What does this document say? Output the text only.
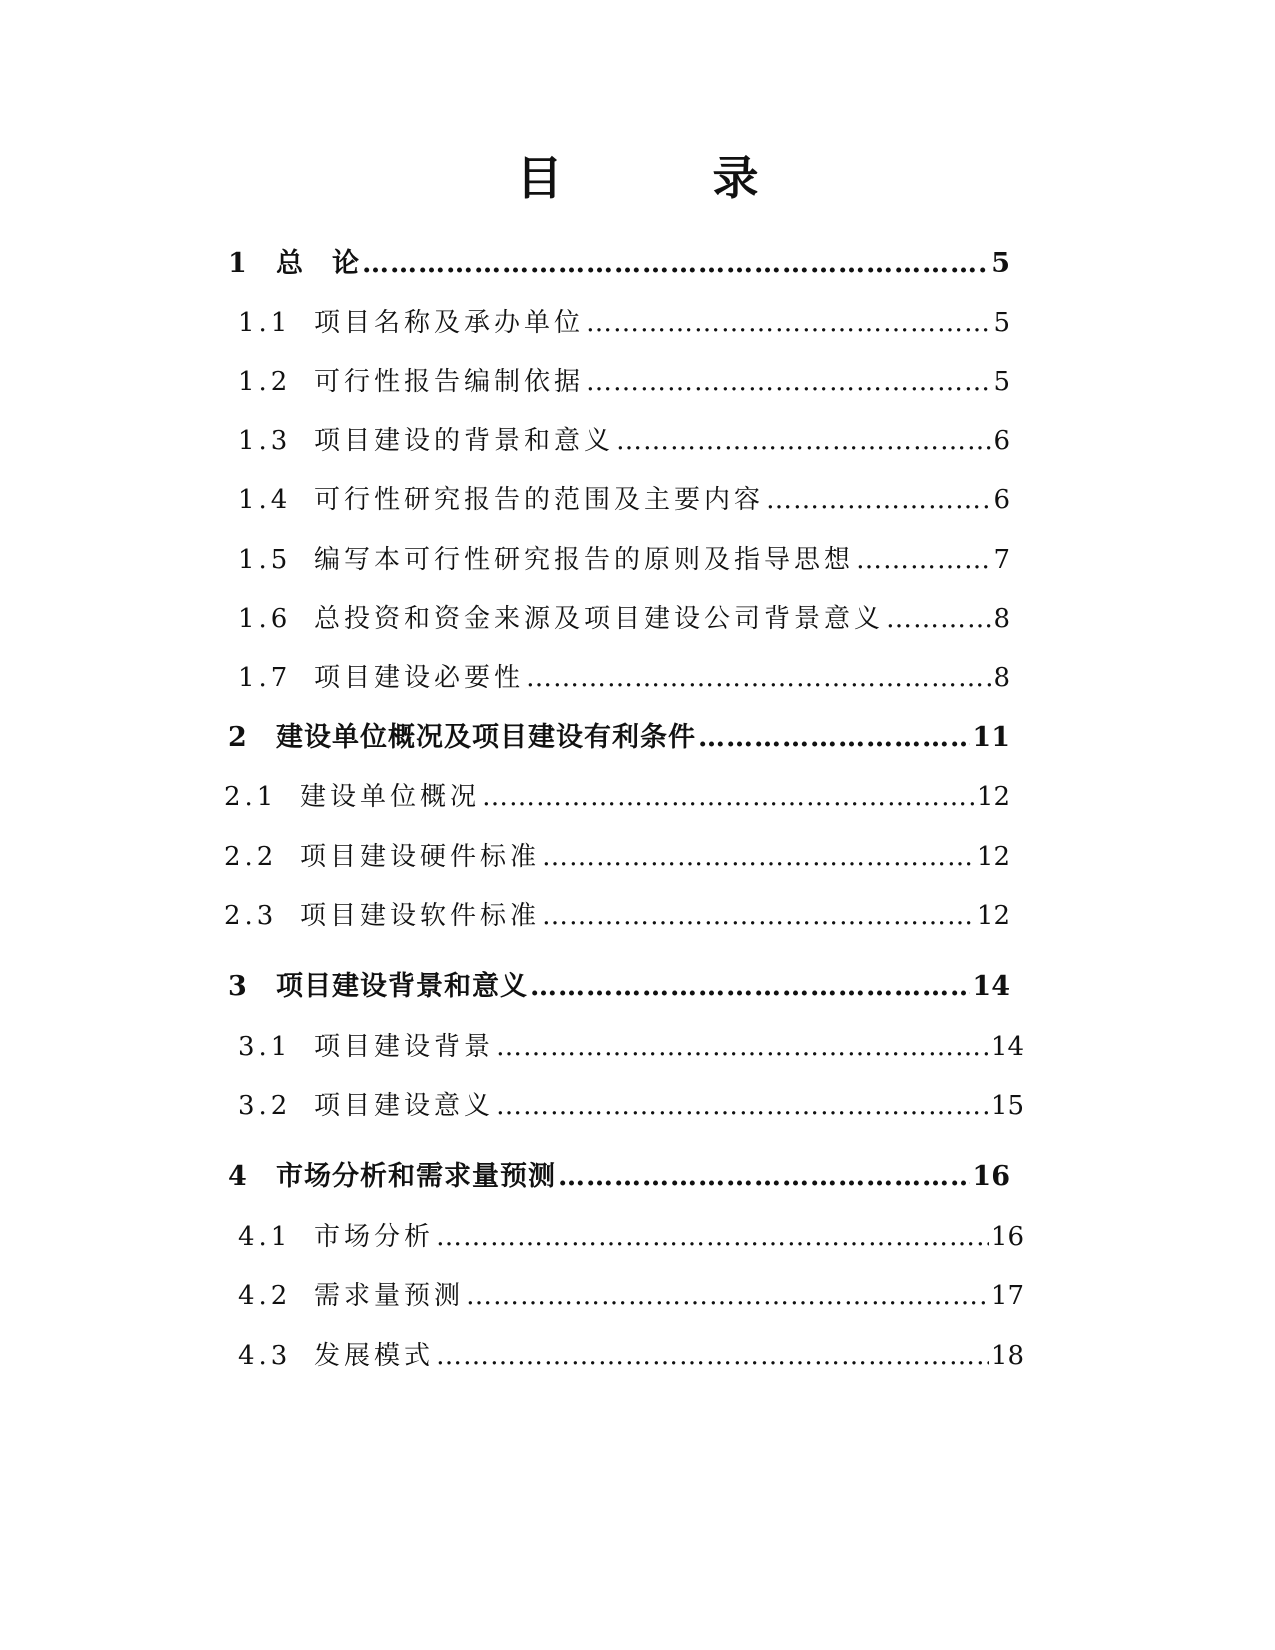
目　录
1	总　论 ……………………………………………………………………………………………………………………………………………………………………………………………	5
1.1 项目名称及承办单位 ……………………………………………………………………………………………………………………………………………………………………………………………	5
1.2 可行性报告编制依据 ……………………………………………………………………………………………………………………………………………………………………………………………	5
1.3 项目建设的背景和意义 ……………………………………………………………………………………………………………………………………………………………………………………………	6
1.4 可行性研究报告的范围及主要内容 ……………………………………………………………………………………………………………………………………………………………………………………………	6
1.5 编写本可行性研究报告的原则及指导思想 ……………………………………………………………………………………………………………………………………………………………………………………………	7
1.6 总投资和资金来源及项目建设公司背景意义 ……………………………………………………………………………………………………………………………………………………………………………………………	8
1.7 项目建设必要性 ……………………………………………………………………………………………………………………………………………………………………………………………	8
2	建设单位概况及项目建设有利条件 ……………………………………………………………………………………………………………………………………………………………………………………………	11
2.1 建设单位概况 ……………………………………………………………………………………………………………………………………………………………………………………………	12
2.2 项目建设硬件标准 ……………………………………………………………………………………………………………………………………………………………………………………………	12
2.3 项目建设软件标准 ……………………………………………………………………………………………………………………………………………………………………………………………	12
3	项目建设背景和意义 ……………………………………………………………………………………………………………………………………………………………………………………………	14
3.1 项目建设背景 ……………………………………………………………………………………………………………………………………………………………………………………………	14
3.2 项目建设意义 ……………………………………………………………………………………………………………………………………………………………………………………………	15
4	市场分析和需求量预测 ……………………………………………………………………………………………………………………………………………………………………………………………	16
4.1 市场分析 ……………………………………………………………………………………………………………………………………………………………………………………………	16
4.2 需求量预测 ……………………………………………………………………………………………………………………………………………………………………………………………	17
4.3 发展模式 ……………………………………………………………………………………………………………………………………………………………………………………………	18
